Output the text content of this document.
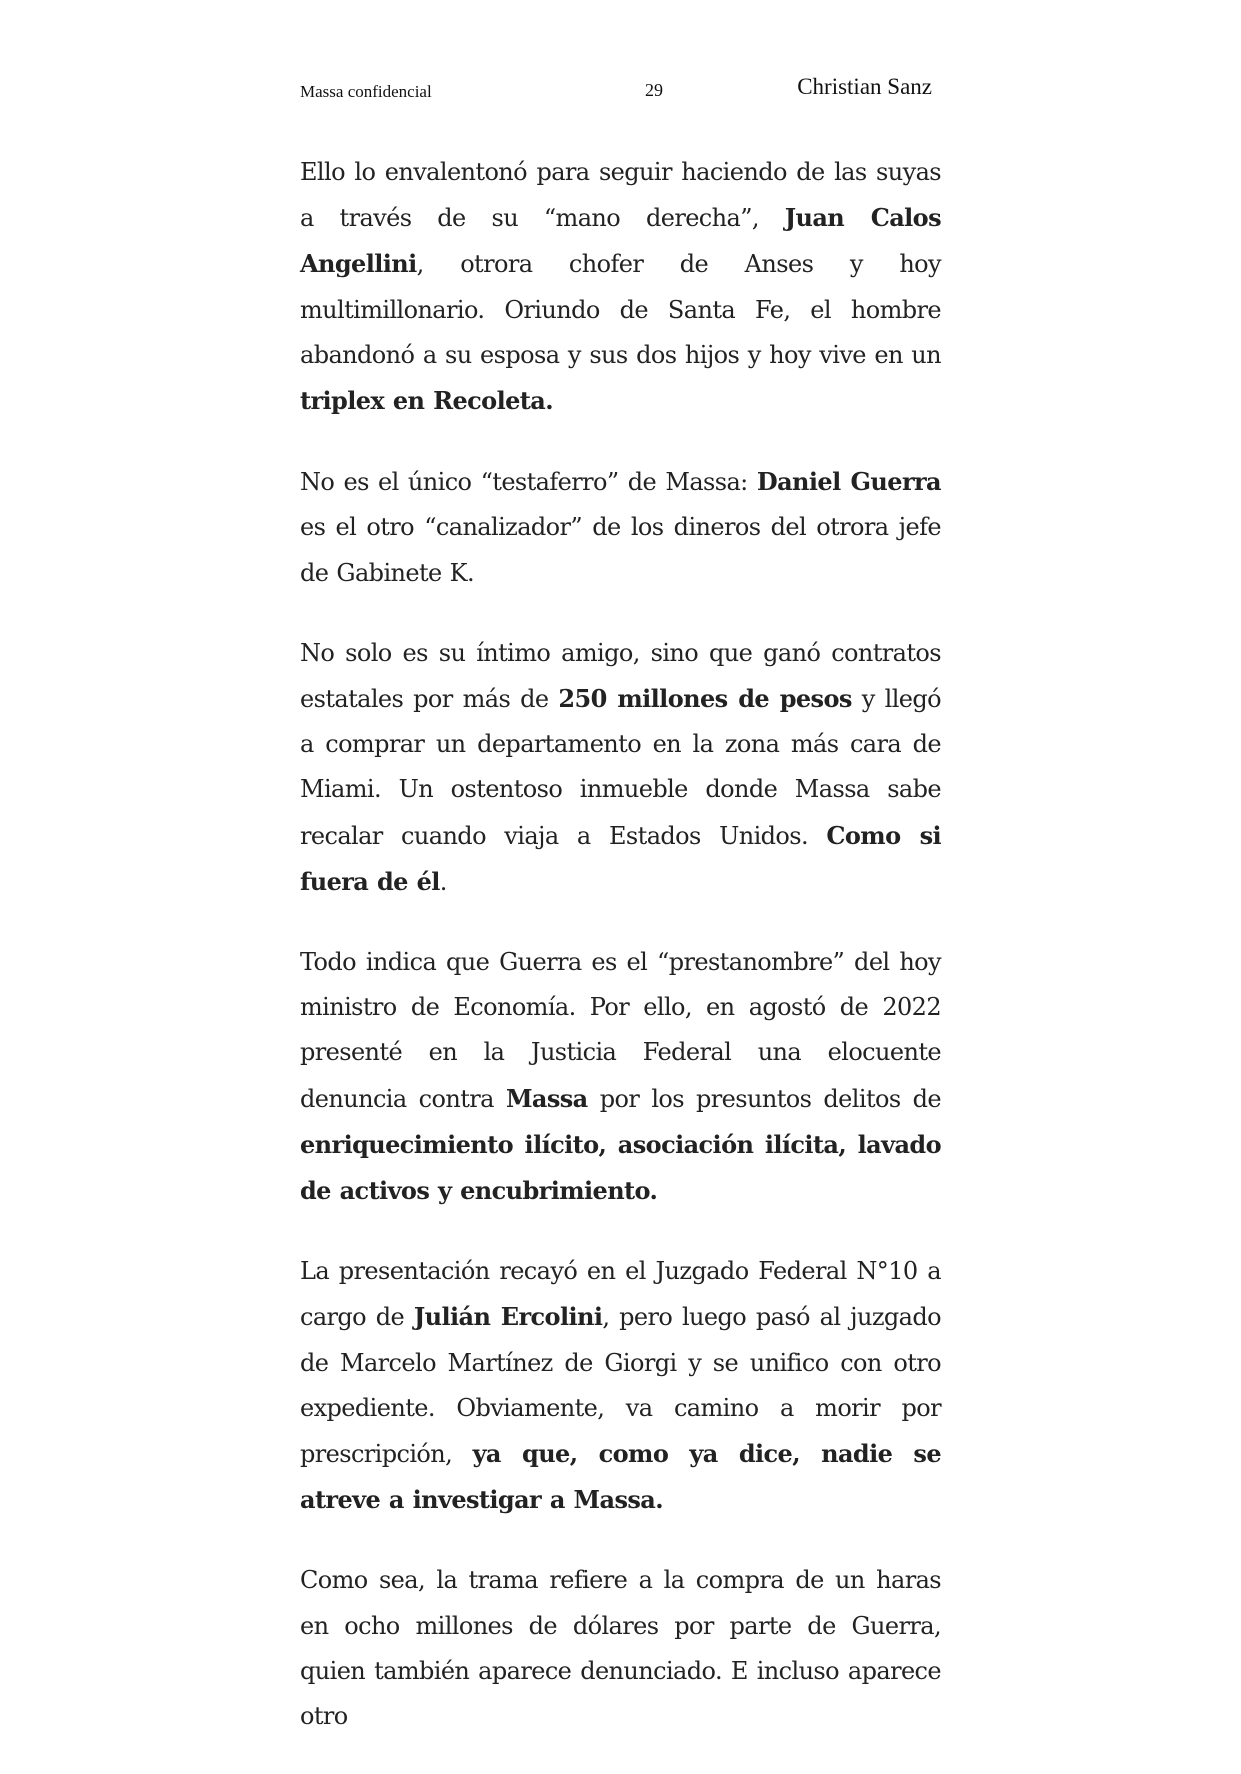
Massa confidencial	29	Christian Sanz

Ello lo envalentonó para seguir haciendo de las suyas a través de su “mano derecha”, Juan Calos Angellini, otrora chofer de Anses y hoy multimillonario. Oriundo de Santa Fe, el hombre abandonó a su esposa y sus dos hijos y hoy vive en un triplex en Recoleta.

No es el único “testaferro” de Massa: Daniel Guerra es el otro “canalizador” de los dineros del otrora jefe de Gabinete K.

No solo es su íntimo amigo, sino que ganó contratos estatales por más de 250 millones de pesos y llegó a comprar un departamento en la zona más cara de Miami. Un ostentoso inmueble donde Massa sabe recalar cuando viaja a Estados Unidos. Como si fuera de él.

Todo indica que Guerra es el “prestanombre” del hoy ministro de Economía. Por ello, en agostó de 2022 presenté en la Justicia Federal una elocuente denuncia contra Massa por los presuntos delitos de enriquecimiento ilícito, asociación ilícita, lavado de activos y encubrimiento.

La presentación recayó en el Juzgado Federal N°10 a cargo de Julián Ercolini, pero luego pasó al juzgado de Marcelo Martínez de Giorgi y se unifico con otro expediente. Obviamente, va camino a morir por prescripción, ya que, como ya dice, nadie se atreve a investigar a Massa.

Como sea, la trama refiere a la compra de un haras en ocho millones de dólares por parte de Guerra, quien también aparece denunciado. E incluso aparece otro
